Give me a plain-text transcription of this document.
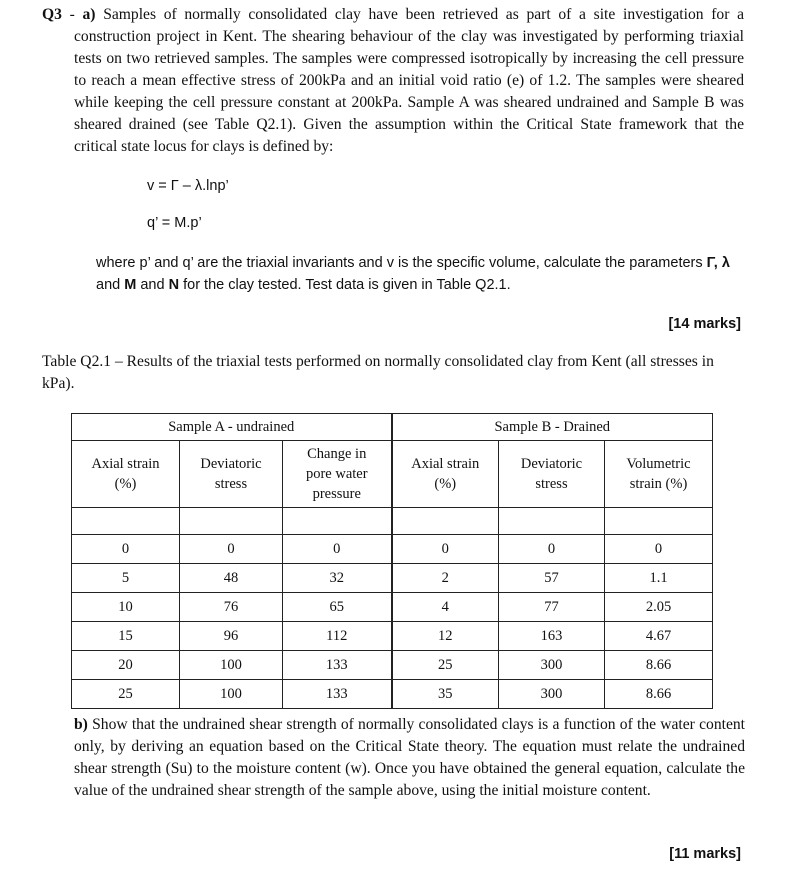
Q3 - a) Samples of normally consolidated clay have been retrieved as part of a site investigation for a construction project in Kent. The shearing behaviour of the clay was investigated by performing triaxial tests on two retrieved samples. The samples were compressed isotropically by increasing the cell pressure to reach a mean effective stress of 200kPa and an initial void ratio (e) of 1.2. The samples were sheared while keeping the cell pressure constant at 200kPa. Sample A was sheared undrained and Sample B was sheared drained (see Table Q2.1). Given the assumption within the Critical State framework that the critical state locus for clays is defined by:
v = Γ – λ.lnp’
q’ = M.p’
where p’ and q’ are the triaxial invariants and v is the specific volume, calculate the parameters Γ, λ and M and N for the clay tested. Test data is given in Table Q2.1.
[14 marks]
Table Q2.1 – Results of the triaxial tests performed on normally consolidated clay from Kent (all stresses in kPa).
Sample A - undrained			Sample B - Drained		
Axial strain
(%)	Deviatoric
stress	Change in
pore water
pressure	Axial strain
(%)	Deviatoric
stress	Volumetric
strain (%)

0	0	0	0	0	0
5	48	32	2	57	1.1
10	76	65	4	77	2.05
15	96	112	12	163	4.67
20	100	133	25	300	8.66
25	100	133	35	300	8.66
b) Show that the undrained shear strength of normally consolidated clays is a function of the water content only, by deriving an equation based on the Critical State theory. The equation must relate the undrained shear strength (Su) to the moisture content (w). Once you have obtained the general equation, calculate the value of the undrained shear strength of the sample above, using the initial moisture content.
[11 marks]
